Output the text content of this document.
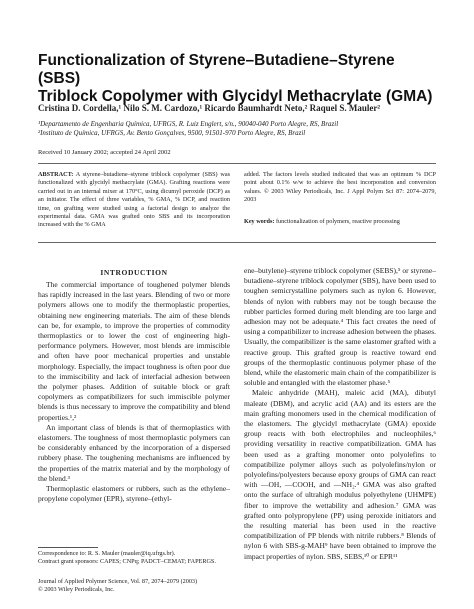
Functionalization of Styrene–Butadiene–Styrene (SBS)
Triblock Copolymer with Glycidyl Methacrylate (GMA)
Cristina D. Cordella,¹ Nilo S. M. Cardozo,¹ Ricardo Baumhardt Neto,² Raquel S. Mauler²
¹Departamento de Engenharia Química, UFRGS, R. Luiz Englert, s/n., 90040-040 Porto Alegre, RS, Brazil
²Instituto de Química, UFRGS, Av. Bento Gonçalves, 9500, 91501-970 Porto Alegre, RS, Brazil
Received 10 January 2002; accepted 24 April 2002
ABSTRACT: A styrene–butadiene–styrene triblock copolymer (SBS) was functionalized with glycidyl methacrylate (GMA). Grafting reactions were carried out in an internal mixer at 170°C, using dicumyl peroxide (DCP) as an initiator. The effect of three variables, % GMA, % DCP, and reaction time, on grafting were studied using a factorial design to analyze the experimental data. GMA was grafted onto SBS and its incorporation increased with the % GMA
added. The factors levels studied indicated that was an optimum % DCP point about 0.1% w/w to achieve the best incorporation and conversion values. © 2003 Wiley Periodicals, Inc. J Appl Polym Sci 87: 2074–2079, 2003
Key words: functionalization of polymers, reactive processing
INTRODUCTION

The commercial importance of toughened polymer blends has rapidly increased in the last years. Blending of two or more polymers allows one to modify the thermoplastic properties, obtaining new engineering materials. The aim of these blends can be, for example, to improve the properties of commodity thermoplastics or to lower the cost of engineering high-performance polymers. However, most blends are immiscible and often have poor mechanical properties and unstable morphology. Especially, the impact toughness is often poor due to the immiscibility and lack of interfacial adhesion between the polymer phases. Addition of suitable block or graft copolymers as compatibilizers for such immiscible polymer blends is thus necessary to improve the compatibility and blend properties.¹,²

An important class of blends is that of thermoplastics with elastomers. The toughness of most thermoplastic polymers can be considerably enhanced by the incorporation of a dispersed rubbery phase. The toughening mechanisms are influenced by the properties of the matrix material and by the morphology of the blend.³

Thermoplastic elastomers or rubbers, such as the ethylene–propylene copolymer (EPR), styrene–(ethyl-

ene–butylene)–styrene triblock copolymer (SEBS),⁵ or styrene–butadiene–styrene triblock copolymer (SBS), have been used to toughen semicrystalline polymers such as nylon 6. However, blends of nylon with rubbers may not be tough because the rubber particles formed during melt blending are too large and adhesion may not be adequate.⁴ This fact creates the need of using a compatibilizer to increase adhesion between the phases. Usually, the compatibilizer is the same elastomer grafted with a reactive group. This grafted group is reactive toward end groups of the thermoplastic continuous polymer phase of the blend, while the elastomeric main chain of the compatibilizer is soluble and entangled with the elastomer phase.⁵

Maleic anhydride (MAH), maleic acid (MA), dibutyl maleate (DBM), and acrylic acid (AA) and its esters are the main grafting monomers used in the chemical modification of the elastomers. The glycidyl methacrylate (GMA) epoxide group reacts with both electrophiles and nucleophiles,⁶ providing versatility in reactive compatibilization. GMA has been used as a grafting monomer onto polyolefins to compatibilize polymer alloys such as polyolefins/nylon or polyolefins/polyesters because epoxy groups of GMA can react with —OH, —COOH, and —NH₂.⁴ GMA was also grafted onto the surface of ultrahigh modulus polyethylene (UHMPE) fiber to improve the wettability and adhesion.⁷ GMA was grafted onto polypropylene (PP) using peroxide initiators and the resulting material has been used in the reactive compatibilization of PP blends with nitrile rubbers.⁸ Blends of nylon 6 with SBS-g-MAH⁹ have been obtained to improve the impact properties of nylon. SBS, SEBS,¹⁰ or EPR¹¹

Correspondence to: R. S. Mauler (mauler@iq.ufrgs.br).
Contract grant sponsors: CAPES; CNPq; PADCT–CEMAT; FAPERGS.
Journal of Applied Polymer Science, Vol. 87, 2074–2079 (2003)
© 2003 Wiley Periodicals, Inc.
